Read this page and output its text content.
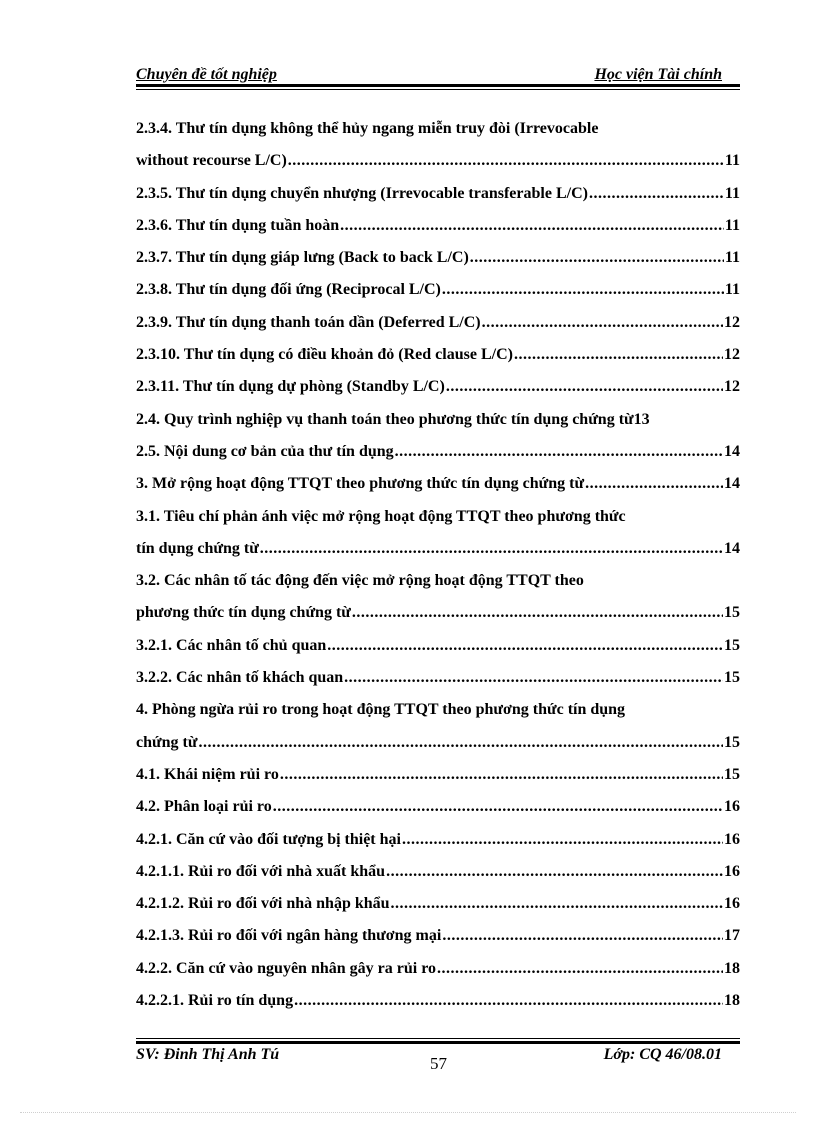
Chuyên đề tốt nghiệp	Học viện Tài chính
2.3.4. Thư tín dụng không thể hủy ngang miễn truy đòi (Irrevocable
without recourse L/C) .....	11
2.3.5. Thư tín dụng chuyển nhượng (Irrevocable transferable L/C) .....	11
2.3.6. Thư tín dụng tuần hoàn .....	11
2.3.7. Thư tín dụng giáp lưng (Back to back L/C) .....	11
2.3.8. Thư tín dụng đối ứng (Reciprocal L/C) .....	11
2.3.9. Thư tín dụng thanh toán dần (Deferred L/C) .....	12
2.3.10. Thư tín dụng có điều khoản đỏ (Red clause L/C) .....	12
2.3.11. Thư tín dụng dự phòng (Standby L/C) .....	12
2.4. Quy trình nghiệp vụ thanh toán theo phương thức tín dụng chứng từ 13
2.5. Nội dung cơ bản của thư tín dụng .....	14
3. Mở rộng hoạt động TTQT theo phương thức tín dụng chứng từ .....	14
3.1. Tiêu chí phản ánh việc mở rộng hoạt động TTQT theo phương thức
tín dụng chứng từ .....	14
3.2. Các nhân tố tác động đến việc mở rộng hoạt động TTQT theo
phương thức tín dụng chứng từ .....	15
3.2.1. Các nhân tố chủ quan .....	15
3.2.2. Các nhân tố khách quan .....	15
4. Phòng ngừa rủi ro trong hoạt động TTQT theo phương thức tín dụng
chứng từ .....	15
4.1. Khái niệm rủi ro .....	15
4.2. Phân loại rủi ro .....	16
4.2.1. Căn cứ vào đối tượng bị thiệt hại .....	16
4.2.1.1. Rủi ro đối với nhà xuất khẩu .....	16
4.2.1.2. Rủi ro đối với nhà nhập khẩu .....	16
4.2.1.3. Rủi ro đối với ngân hàng thương mại .....	17
4.2.2. Căn cứ vào nguyên nhân gây ra rủi ro .....	18
4.2.2.1. Rủi ro tín dụng .....	18
SV: Đinh Thị Anh Tú	57	Lớp: CQ 46/08.01
